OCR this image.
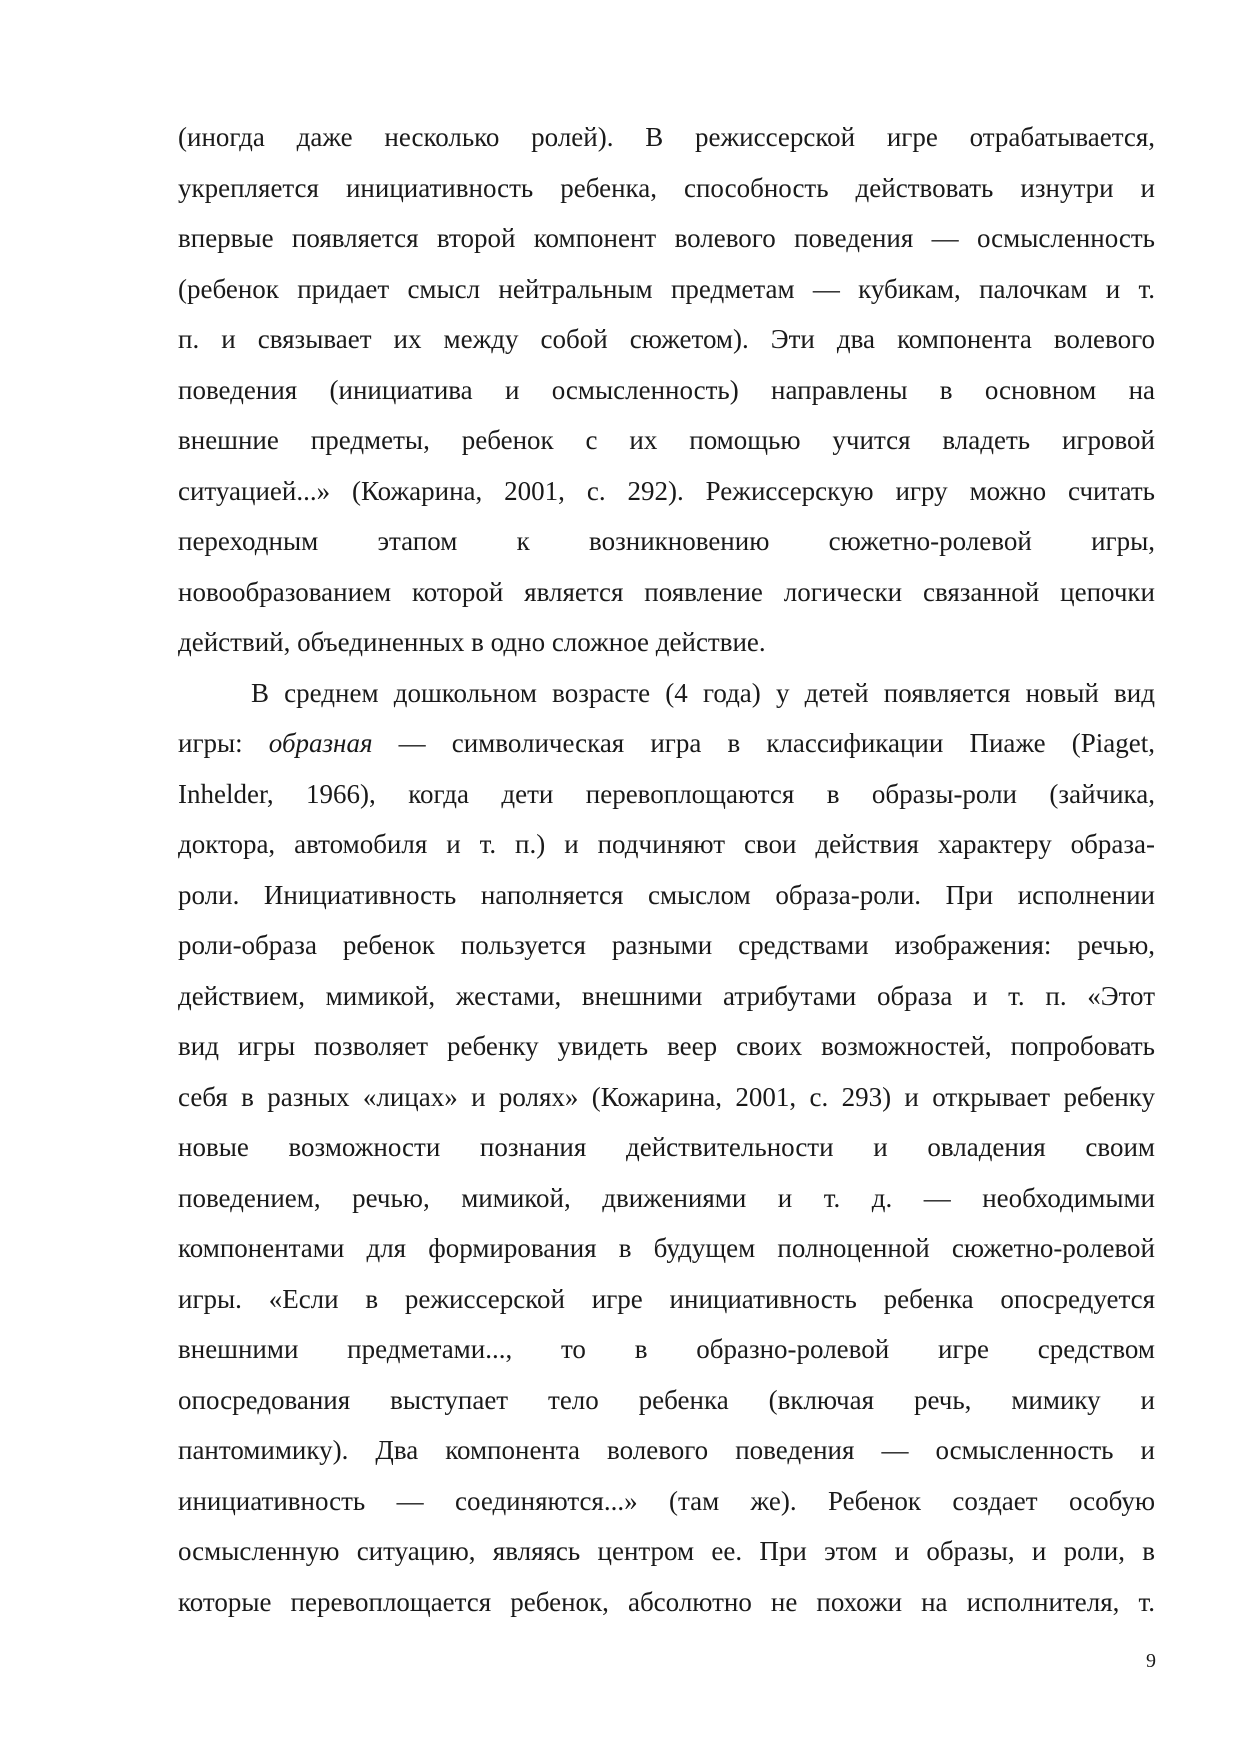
(иногда даже несколько ролей). В режиссерской игре отрабатывается,
укрепляется инициативность ребенка, способность действовать изнутри и
впервые появляется второй компонент волевого поведения — осмысленность
(ребенок придает смысл нейтральным предметам — кубикам, палочкам и т.
п. и связывает их между собой сюжетом). Эти два компонента волевого
поведения (инициатива и осмысленность) направлены в основном на
внешние предметы, ребенок с их помощью учится владеть игровой
ситуацией...» (Кожарина, 2001, с. 292). Режиссерскую игру можно считать
переходным этапом к возникновению сюжетно-ролевой игры,
новообразованием которой является появление логически связанной цепочки
действий, объединенных в одно сложное действие.
В среднем дошкольном возрасте (4 года) у детей появляется новый вид
игры: образная — символическая игра в классификации Пиаже (Piaget,
Inhelder, 1966), когда дети перевоплощаются в образы-роли (зайчика,
доктора, автомобиля и т. п.) и подчиняют свои действия характеру образа-
роли. Инициативность наполняется смыслом образа-роли. При исполнении
роли-образа ребенок пользуется разными средствами изображения: речью,
действием, мимикой, жестами, внешними атрибутами образа и т. п. «Этот
вид игры позволяет ребенку увидеть веер своих возможностей, попробовать
себя в разных «лицах» и ролях» (Кожарина, 2001, с. 293) и открывает ребенку
новые возможности познания действительности и овладения своим
поведением, речью, мимикой, движениями и т. д. — необходимыми
компонентами для формирования в будущем полноценной сюжетно-ролевой
игры. «Если в режиссерской игре инициативность ребенка опосредуется
внешними предметами..., то в образно-ролевой игре средством
опосредования выступает тело ребенка (включая речь, мимику и
пантомимику). Два компонента волевого поведения — осмысленность и
инициативность — соединяются...» (там же). Ребенок создает особую
осмысленную ситуацию, являясь центром ее. При этом и образы, и роли, в
которые перевоплощается ребенок, абсолютно не похожи на исполнителя, т.
9
